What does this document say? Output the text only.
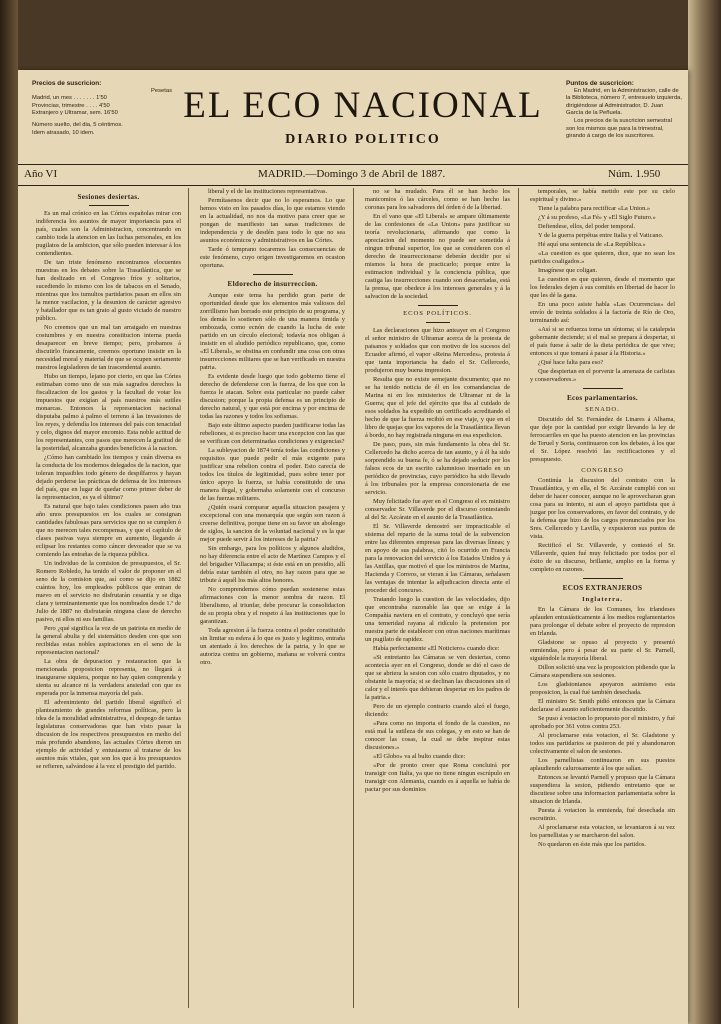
Precios de suscricion:
Pesetas
Madrid, un mes . . . . . . . 1'50
Provincias, trimestre . . . . 4'50
Extranjero y Ultramar, sem. 16'50
Número suelto, del dia, 5 céntimos.
Idem atrasado, 10 idem.
EL ECO NACIONAL
DIARIO POLITICO
Puntos de suscricion:
En Madrid, en la Administracion, calle de la Biblioteca, número 7, entresuelo izquierda, dirigiéndose al Administrador, D. Juan García de la Peñuela.
Los precios de la suscricion semestral son los mismos que para la trimestral, girando á cargo de los suscritores.
Año VI	MADRID.—Domingo 3 de Abril de 1887.	Núm. 1.950

Sesiones desiertas.

Es un mal crónico en las Córtes españolas mirar con indiferencia los asuntos de mayor importancia para el país, cuales son la Administracion, concentrando en cambio toda la atencion en las luchas personales, en los pugilatos de la ambicion, que sólo pueden interesar á los contendientes.

De tan triste fenómeno encontramos elocuentes muestras en los debates sobre la Trasatlántica, que se han deslizado en el Congreso fríos y solitarios, sucediendo lo mismo con los de tabacos en el Senado, mientras que los tumultos partidarios pasan en ellos sin la menor vacilacion, y la desunion de carácter agresivo y batallador que es tan grato al gusto viciado de nuestro público.

No creemos que un mal tan arraigado en nuestras costumbres y en nuestra constitucion interna pueda desaparecer en breve tiempo; pero, probamos á discutirlo francamente, creemos oportuno insistir en la necesidad moral y material de que se ocupen seriamente nuestros legisladores de tan trascendental asunto.

Hubo un tiempo, lejano por cierto, en que las Córtes estimaban como uno de sus más sagrados derechos la fiscalizacion de los gastos y la facultad de votar los impuestos que exigían al país nuestros más sutiles monarcas. Entonces la representacion nacional disputaba palmo á palmo el terreno á las invasiones de los reyes, y defendía los intereses del país con tenacidad y celo, dignos del mayor encomio. Esta noble actitud de los representantes, con pasos que merecen la gratitud de la posteridad, alcanzaba grandes beneficios á la nacion.

¿Cómo han cambiado los tiempos y cuán diversa es la conducta de los modernos delegados de la nacion, que toleran impasibles todo género de despilfarros y hayan dejado perderse las prácticas de defensa de los intereses del país, que en lugar de quedar como primer deber de la representacion, es ya el último?

Es natural que bajo tales condiciones pasen año tras año unos presupuestos en los cuales se consignan cantidades fabulosas para servicios que no se cumplen ó que no merecen tales recompensas, y que el capítulo de clases pasivas vaya siempre en aumento, llegando á eclipsar los restantes como cáncer devorador que se va comiendo las entrañas de la riqueza pública.

Un individuo de la comision de presupuestos, el Sr. Romero Robledo, ha tenido el valor de proponer en el seno de la comision que, así como se dijo en 1882 cuántos hoy, los empleados públicos que entran de nuevo en el servicio no disfrutarán cesantía y se diga clara y terminantemente que los nombrados desde 1.º de Julio de 1887 no disfrutarán ninguna clase de derecho pasivo, ni ellos ni sus familias.

Pero ¿qué significa la voz de un patriota en medio de la general abulia y del sistemático desden con que son recibidas estas nobles aspiraciones en el seno de la representacion nacional?

La obra de depuracion y restauracion que la mencionada proposicion representa, no llegará á inaugurarse siquiera, porque no hay quien comprenda y sienta su alcance ni la verdadera ansiedad con que es esperada por la inmensa mayoría del país.

El advenimiento del partido liberal significó el planteamiento de grandes reformas políticas, pero la idea de la moralidad administrativa, el despego de tantas legislaturas conservadoras que han visto pasar la discusion de los respectivos presupuestos en medio del más profundo abandono, las actuales Córtes dieron un ejemplo de actividad y entusiasmo al tratarse de los asuntos más vitales, que son los que á los presupuestos se refieren, salvándose á la vez el prestigio del partido.

liberal y el de las instituciones representativas.

Permítasenos decir que no lo esperamos. Lo que hemos visto en los pasados días, lo que estamos viendo en la actualidad, no nos da motivo para creer que se pongan de manifiesto tan sanas tradiciones de independencia y de desdén para todo lo que no sea asuntos económicos y administrativos en las Córtes.

Tarde ó temprano tocaremos las consecuencias de este fenómeno, cuyo origen investigaremos en ocasion oportuna.

Eldorecho de insurreccion.

Aunque este tema ha perdido gran parte de oportunidad desde que los elementos más valiosos del zorrillismo han borrado este principio de su programa, y los demás lo sostienen sólo de una manera tímida y embozada, como ecnón de cuando la lucha de este partido en un círculo electoral; todavía nos obligan á insistir en el aludido periódico republicano, que, como «El Liberal», se obstina en confundir una cosa con otras insurrecciones militares que se han verificado en nuestra patria.

Es evidente desde luego que todo gobierno tiene el derecho de defenderse con la fuerza, de los que con la fuerza le atacan. Sobre esta particular no puede caber discusion; porque la propia defensa es un principio de derecho natural, y que está por encima y por encima de todas las razones y todos los sofismas.

Bajo este último aspecto pueden justificarse todas las rebeliones, si es preciso hacer una excepcion con las que se verifican con determinadas condiciones y exigencias?

La subleyacion de 1874 tenía todas las condiciones y requisitos que puede pedir el más exigente para justificar una rebelion contra el poder. Esto carecía de todos los títulos de legitimidad, pues sobre tener por único apoyo la fuerza, se había constituido de una manera ilegal, y gobernaba solamente con el concurso de las fuerzas militares.

¿Quién osará comparar aquella situacion pasajera y excepcional con una monarquía que según son razon á creerse definitiva, porque tiene en su favor un abolengo de siglos, la sancion de la voluntad nacional y es la que mejor puede servir á los intereses de la patria?

Sin embargo, para los políticos y algunos aludidos, no hay diferencia entre el acto de Martínez Campos y el del brigadier Villacampa; si éste está en un presidio, allí debía estar también el otro, no hay razon para que se tribute á aquél los más altos honores.

No comprendemos cómo puedan sostenerse estas afirmaciones con la menor sombra de razon. El liberalismo, al triunfar, debe procurar la consolidacion de su propia obra y el respeto á las instituciones que lo garantizan.

Toda agresion á la fuerza contra el poder constituido sin limitar su esfera á lo que es justo y legítimo, entraña un atentado á los derechos de la patria, y lo que se autoriza contra un gobierno, mañana se volverá contra otro.

no se ha mudado. Para él se han hecho los manicomios ó las cárceles, como se han hecho las coronas para los salvadores del órden ó de la libertad.

En el vano que «El Liberal» se ampare últimamente de las confesiones de «La Union» para justificar su teoría revolucionaria, afirmando que como la apreciacion del momento no puede ser sometida á ningun tribunal superior, los que se consideren con el derecho de insurreccionarse deberán decidir por sí mismos la hora de practicarlo; porque entre la estimacion individual y la conciencia pública, que castiga las insurrecciones cuando son desacertadas, está la prensa, que obedece á los intereses generales y á la salvacion de la sociedad.

ECOS POLÍTICOS.

Las declaraciones que hizo anteayer en el Congreso el señor ministro de Ultramar acerca de la protesta de paisanos y soldados que con motivo de los sucesos del Ecuador afirmó, el vapor «Reina Mercedes», protesta á que tanta importancia ha dado el Sr. Cellercedo, produjeron muy buena impresion.

Resulta que no existe semejante documento; que no se ha tenido noticia de él en los comandancias de Marina ni en los ministerios de Ultramar ni de la Guerra; que el jefe del ejército que iba al cuidado de esos soldados ha expedido un certificado acreditando el hecho de que la fuerza recibió en ese viaje, y que en el libro de quejas que los vapores de la Trasatlántica llevan á bordo, no hay registrada ninguna en esa expedicion.

De paso, pues, sin más fundamento la obra del Sr. Cellercedo ha dicho acerca de tan asunto, y á él ha sido sorprendido su buena fe, ó se ha dejado seducir por los falsos ecos de un escrito calumnioso insertado en un periódico de provincias, cuyo periódico ha sido llevado á los tribunales por la empresa concesionaria de ese servicio.

Muy felicitado fue ayer en el Congreso el ex ministro conservador Sr. Villaverde por el discurso contestando al del Sr. Azcárate en el asunto de la Trasatlántica.

El Sr. Villaverde demostró ser impracticable el sistema del reparto de la suma total de la subvencion entre las diferentes empresas para las diversas líneas; y en apoyo de sus palabras, citó lo ocurrido en Francia para la renovacion del servicio á los Estados Unidos y á las Antillas, que motivó el que los ministros de Marina, Hacienda y Correos, se vieran á las Cámaras, señalasen las ventajas de intentar la adjudicacion directa ante el proceder del concurso.

Tratando luego la cuestion de las velocidades, dijo que encontraba razonable las que se exige á la Compañía naviera en el contrato, y concluyó que sería una temeridad rayana al ridículo la pretension por nuestra parte de establecer con otras naciones marítimas un pugilato de rapidez.

Había perfectamente «El Noticiero» cuando dice:

«Si entretanto las Cámaras se ven desiertas, como acontecía ayer en el Congreso, donde se dió el caso de que se abriera la sesion con sólo cuatro diputados, y no obstante la mayoría; si se declinan las discusiones sin el calor y el interés que debieran despertar en los padres de la patria.»

Pero de un ejemplo contrario cuando alzó el fuego, diciendo:

«Para como no importa el fondo de la cuestion, no está mal la sutileza de sus colegas, y en esto se han de conocer las cosas, la cual se debe inspirar estas discusiones.»

«El Globo» va al bulto cuando dice:

«Por de pronto creer que Roma concluirá por transigir con Italia, ya que no tiene ningun escrúpulo en transigir con Alemania, cuando es á aquella se había de pactar por sus dominios

temporales, se había metido este por su cielo espiritual y divino.»

Tiene la palabra para rectificar «La Union.»

¿Y á su profeso, «La Fé» y «El Siglo Futuro.»

Defiendese, ellos, del poder temporal.

Y de la guerra perpétua entre Italia y el Vaticano.

Hé aquí una sentencia de «La República.»

«La cuestion es que quieren, dice, que no sean los partidos coaligados.»

Imagínese que coligan.

La cuestion es que quieren, desde el momento que los federales dejen á sus comités en libertad de hacer lo que les dé la gana.

En una poco asiste habla «Las Ocurrencias» del envío de treinta soldados á la factoría de Río de Oro, terminando así:

«Así si se refuerza toma un síntoma; si la catalepsia gobernante deciende; si el mal se prepara á despertar, si el país fuese á salir de la dieta periódica de que vive; entonces si que tomará á pasar á la Historia.»

¿Qué hace falta para eso?

Que despiertan en el porvenir la amenaza de carlistas y conservadores.»

Ecos parlamentarios.

SENADO.

Discutido del Sr. Fernández de Linares á Alhama, que deje por la cantidad por exigir llevando la ley de ferrocarriles en que ha puesto atencion en las provincias de Teruel y Soria, continuaron con los debates, á los que el Sr. López resolvió las rectificaciones y el presupuesto.

CONGRESO

Continúa la discusion del contrato con la Trasatlántica, y en ella, el Sr. Azcárate cumplió con su deber de hacer conocer, aunque no le aprovecharan gran cosa para su intento, ni aun el apoyo partidista que á juzgar por los conservadores, en favor del contrato, y de la defensa que hizo de los cargos pronunciados por los Sres. Cellercedo y Lavilla, y expusieron sus puntos de vista.

Rectificó el Sr. Villaverde, y contestó el Sr. Villaverde, quien fué muy felicitado por todos por el éxito de su discurso, brillante, amplio en la forma y completo en razones.

ECOS EXTRANJEROS

Inglaterra.

En la Cámara de los Comunes, los irlandeses aplauden entusiásticamente á los medios reglamentarios para prolongar el debate sobre el proyecto de represion en Irlanda.

Gladstone se opuso al proyecto y presentó enmiendas, pero á pesar de su parte el Sr. Parnell, siguiéndole la mayoría liberal.

Dillon solicitó una vez la proposicion pidiendo que la Cámara suspendiera sus sesiones.

Los gladstonianos apoyaron asimismo esta proposicion, la cual fué también desechada.

El ministro Sr. Smith pidió entonces que la Cámara declarase el asunto suficientemente discutido.

Se puso á votacion lo propuesto por el ministro, y fué aprobado por 361 votos contra 253.

Al proclamarse esta votacion, el Sr. Gladstone y todos sus partidarios se pusieron de pié y abandonaron colectivamente el salon de sesiones.

Los parnellistas continuaron en sus puestos aplaudiendo calurosamente á los que salían.

Entonces se levantó Parnell y propuso que la Cámara suspendiera la sesion, pidiendo entretanto que se discutiese sobre una informacion parlamentaria sobre la situacion de Irlanda.

Puesta á votacion la enmienda, fué desechada sin escrutinio.

Al proclamarse esta votacion, se levantaron á su vez los parnellistas y se marcharon del salon.

No quedaron en éste más que los partidos.
